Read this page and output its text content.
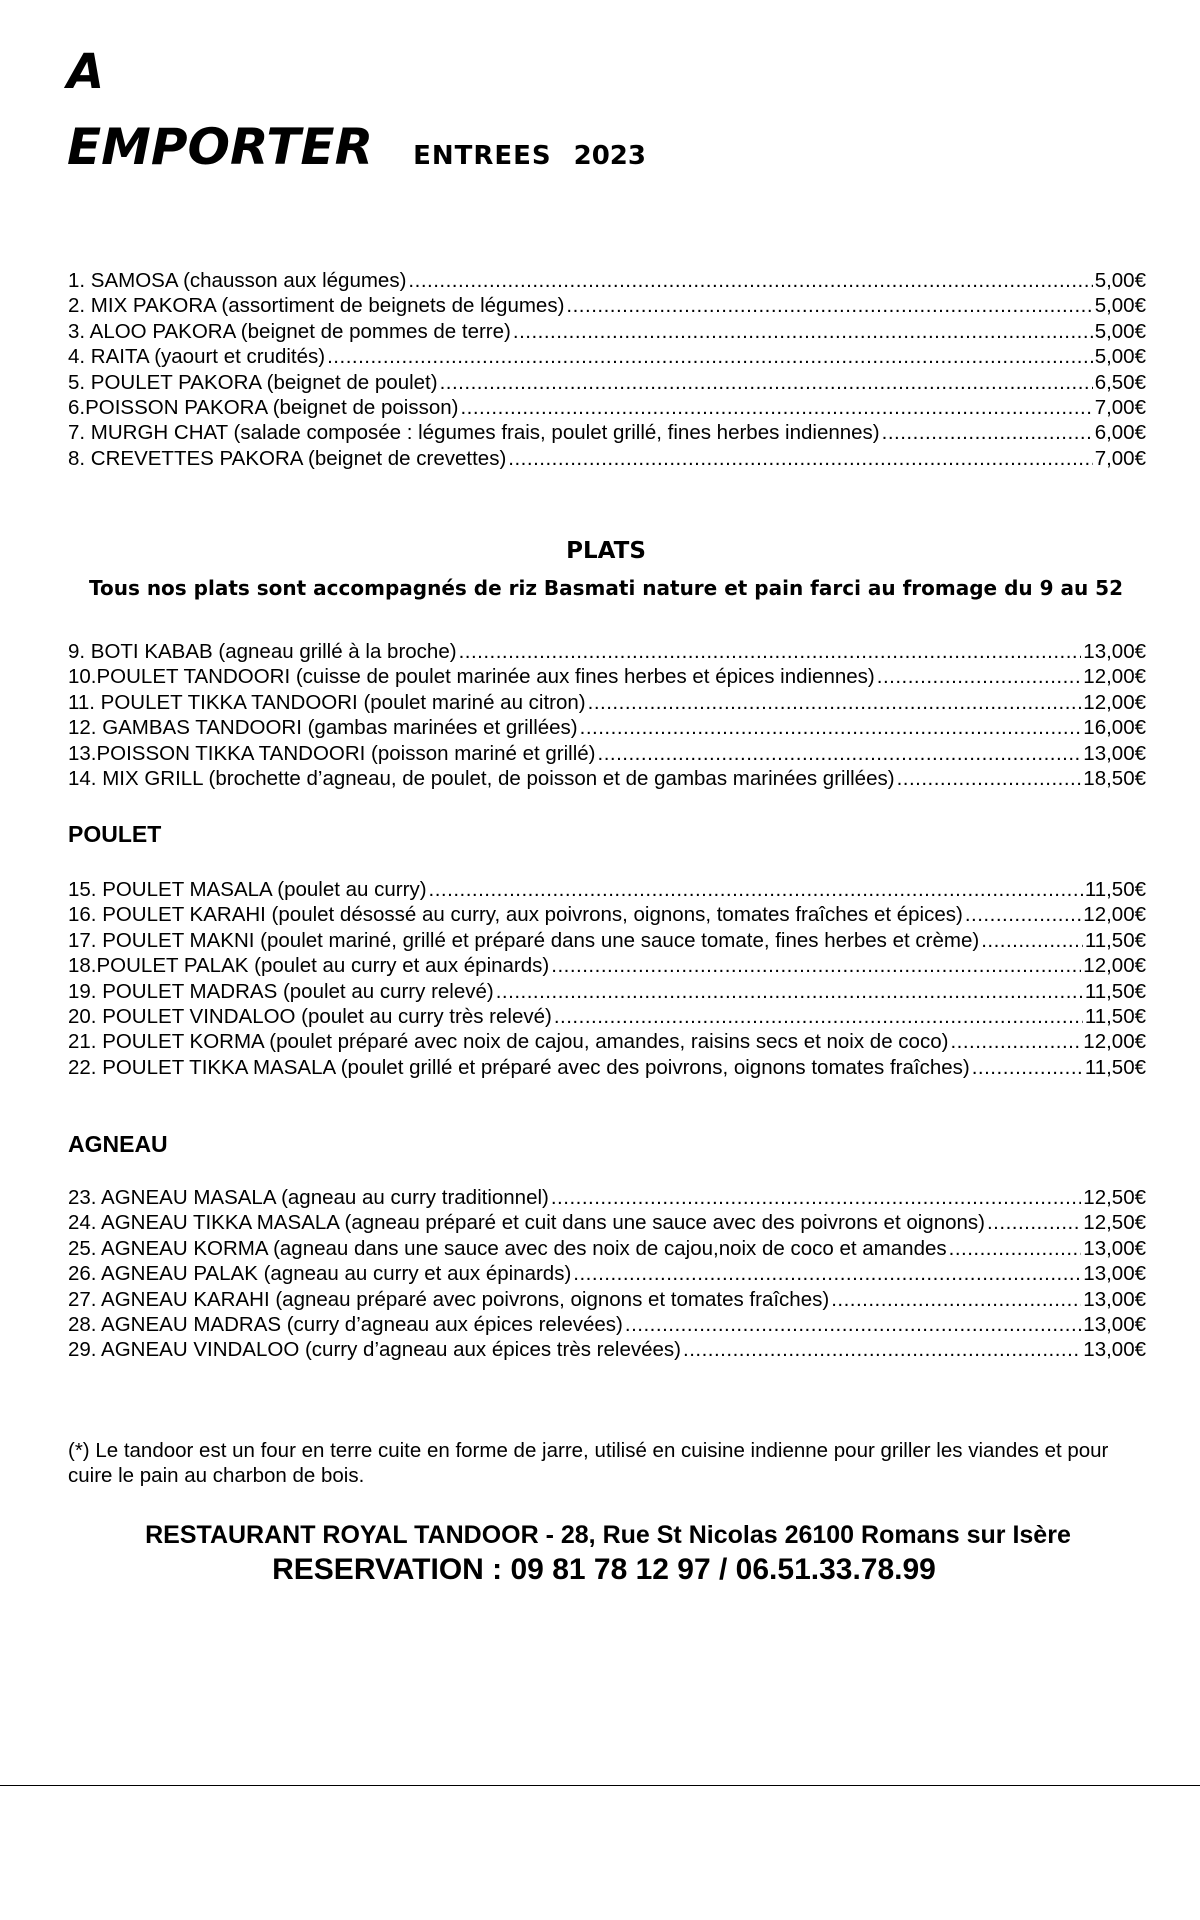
A
EMPORTER ENTREES 2023
1. SAMOSA (chausson aux légumes) .....	5,00€
2. MIX PAKORA (assortiment de beignets de légumes) .....	5,00€
3. ALOO PAKORA (beignet de pommes de terre) .....	5,00€
4. RAITA (yaourt et crudités) .....	5,00€
5. POULET PAKORA (beignet de poulet) .....	6,50€
6.POISSON PAKORA (beignet de poisson) .....	7,00€
7. MURGH CHAT (salade composée : légumes frais, poulet grillé, fines herbes indiennes) .....	6,00€
8. CREVETTES PAKORA (beignet de crevettes) .....	7,00€
PLATS

Tous nos plats sont accompagnés de riz Basmati nature et pain farci au fromage du 9 au 52

9. BOTI KABAB (agneau grillé à la broche) .....	13,00€
10.POULET TANDOORI (cuisse de poulet marinée aux fines herbes et épices indiennes) .....	12,00€
11. POULET TIKKA TANDOORI (poulet mariné au citron) .....	12,00€
12. GAMBAS TANDOORI (gambas marinées et grillées) .....	16,00€
13.POISSON TIKKA TANDOORI (poisson mariné et grillé) .....	13,00€
14. MIX GRILL (brochette d’agneau, de poulet, de poisson et de gambas marinées grillées) .....	18,50€
POULET
15. POULET MASALA (poulet au curry) .....	11,50€
16. POULET KARAHI (poulet désossé au curry, aux poivrons, oignons, tomates fraîches et épices) .....	12,00€
17. POULET MAKNI (poulet mariné, grillé et préparé dans une sauce tomate, fines herbes et crème) .....	11,50€
18.POULET PALAK (poulet au curry et aux épinards) .....	12,00€
19. POULET MADRAS (poulet au curry relevé) .....	11,50€
20. POULET VINDALOO (poulet au curry très relevé) .....	11,50€
21. POULET KORMA (poulet préparé avec noix de cajou, amandes, raisins secs et noix de coco) .....	12,00€
22. POULET TIKKA MASALA (poulet grillé et préparé avec des poivrons, oignons tomates fraîches) .....	11,50€
AGNEAU
23. AGNEAU MASALA (agneau au curry traditionnel) .....	12,50€
24. AGNEAU TIKKA MASALA (agneau préparé et cuit dans une sauce avec des poivrons et oignons) .....	12,50€
25. AGNEAU KORMA (agneau dans une sauce avec des noix de cajou,noix de coco et amandes .....	13,00€
26. AGNEAU PALAK (agneau au curry et aux épinards) .....	13,00€
27. AGNEAU KARAHI (agneau préparé avec poivrons, oignons et tomates fraîches) .....	13,00€
28. AGNEAU MADRAS (curry d’agneau aux épices relevées) .....	13,00€
29. AGNEAU VINDALOO (curry d’agneau aux épices très relevées) .....	13,00€

(*) Le tandoor est un four en terre cuite en forme de jarre, utilisé en cuisine indienne pour griller les viandes et pour cuire le pain au charbon de bois.

RESTAURANT ROYAL TANDOOR - 28, Rue St Nicolas 26100 Romans sur Isère

RESERVATION : 09 81 78 12 97 / 06.51.33.78.99
